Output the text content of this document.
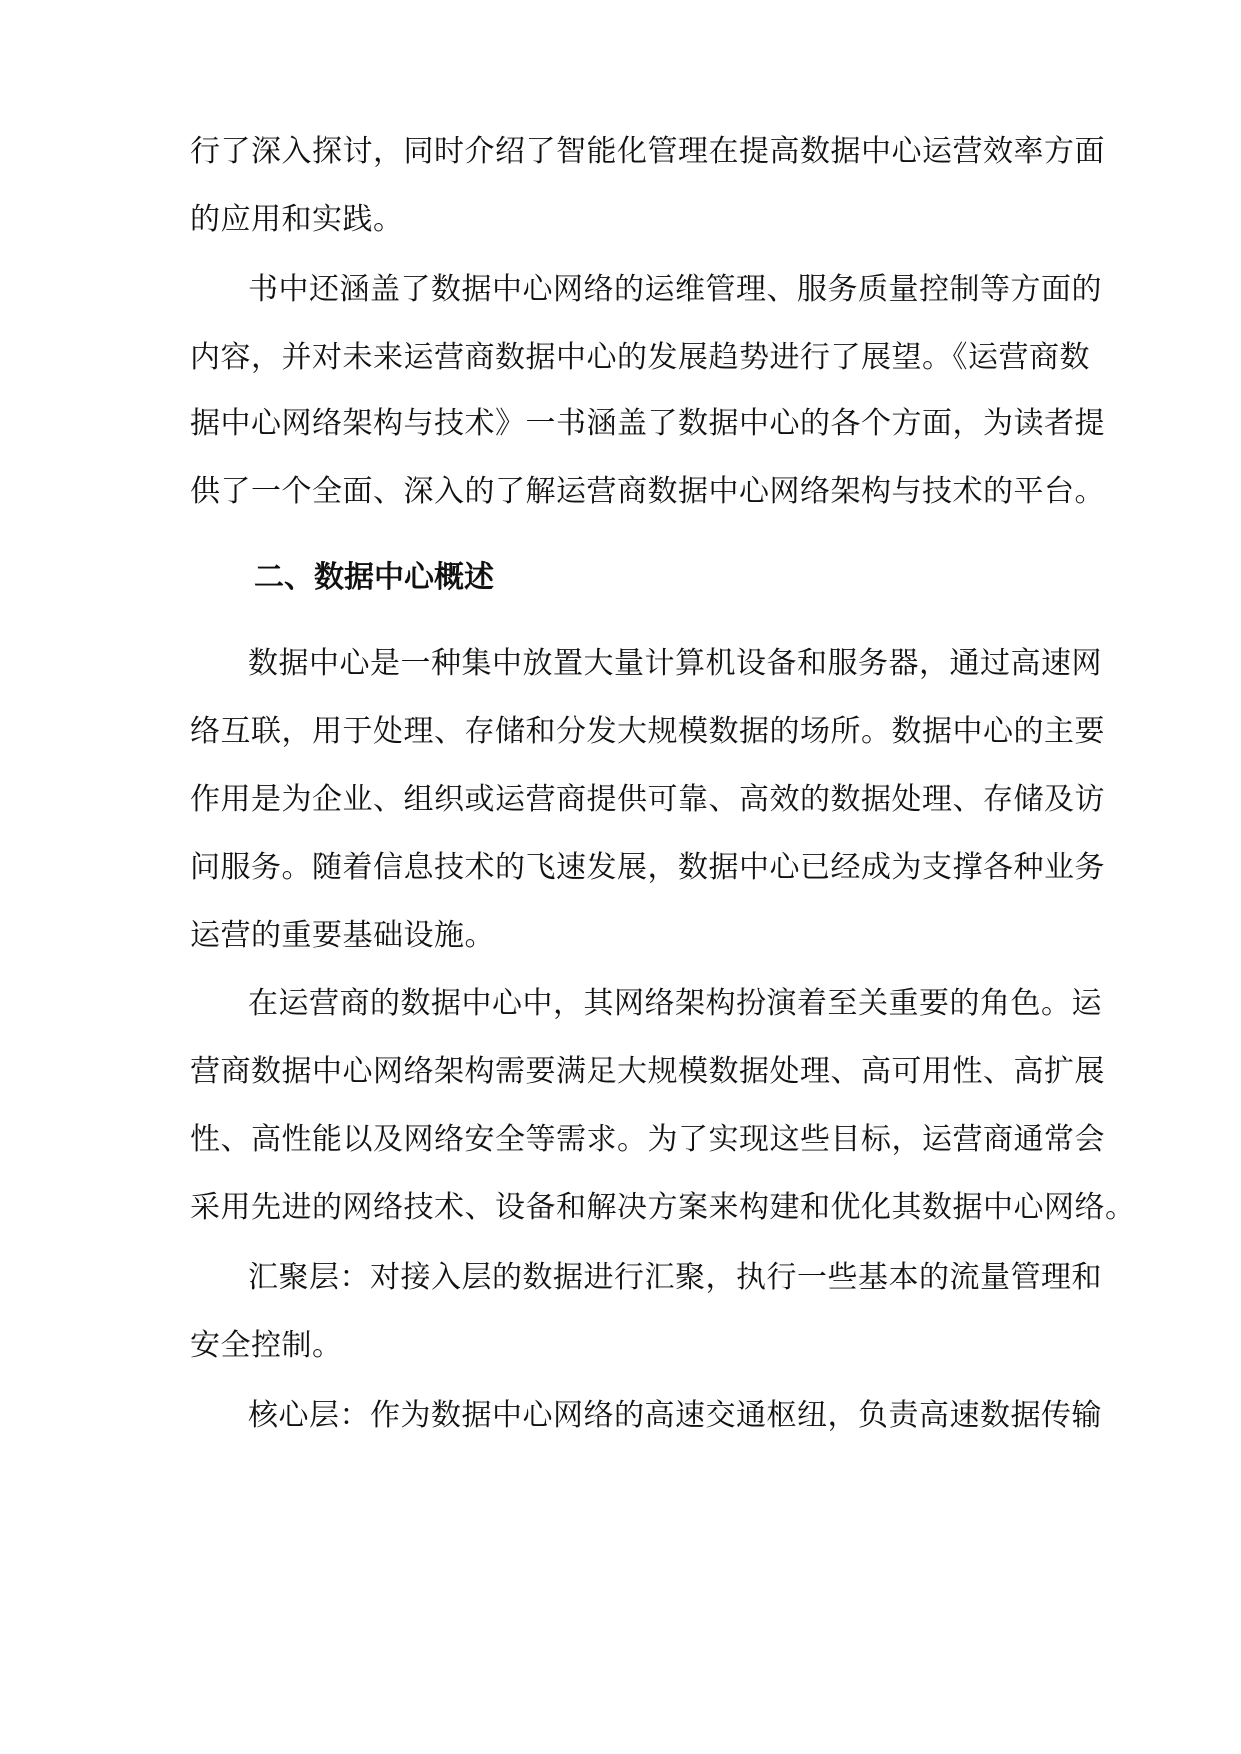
行了深入探讨，同时介绍了智能化管理在提高数据中心运营效率方面
的应用和实践。
书中还涵盖了数据中心网络的运维管理、服务质量控制等方面的
内容，并对未来运营商数据中心的发展趋势进行了展望。《运营商数
据中心网络架构与技术》一书涵盖了数据中心的各个方面，为读者提
供了一个全面、深入的了解运营商数据中心网络架构与技术的平台。
二、数据中心概述
数据中心是一种集中放置大量计算机设备和服务器，通过高速网
络互联，用于处理、存储和分发大规模数据的场所。数据中心的主要
作用是为企业、组织或运营商提供可靠、高效的数据处理、存储及访
问服务。随着信息技术的飞速发展，数据中心已经成为支撑各种业务
运营的重要基础设施。
在运营商的数据中心中，其网络架构扮演着至关重要的角色。运
营商数据中心网络架构需要满足大规模数据处理、高可用性、高扩展
性、高性能以及网络安全等需求。为了实现这些目标，运营商通常会
采用先进的网络技术、设备和解决方案来构建和优化其数据中心网络。
汇聚层：对接入层的数据进行汇聚，执行一些基本的流量管理和
安全控制。
核心层：作为数据中心网络的高速交通枢纽，负责高速数据传输
